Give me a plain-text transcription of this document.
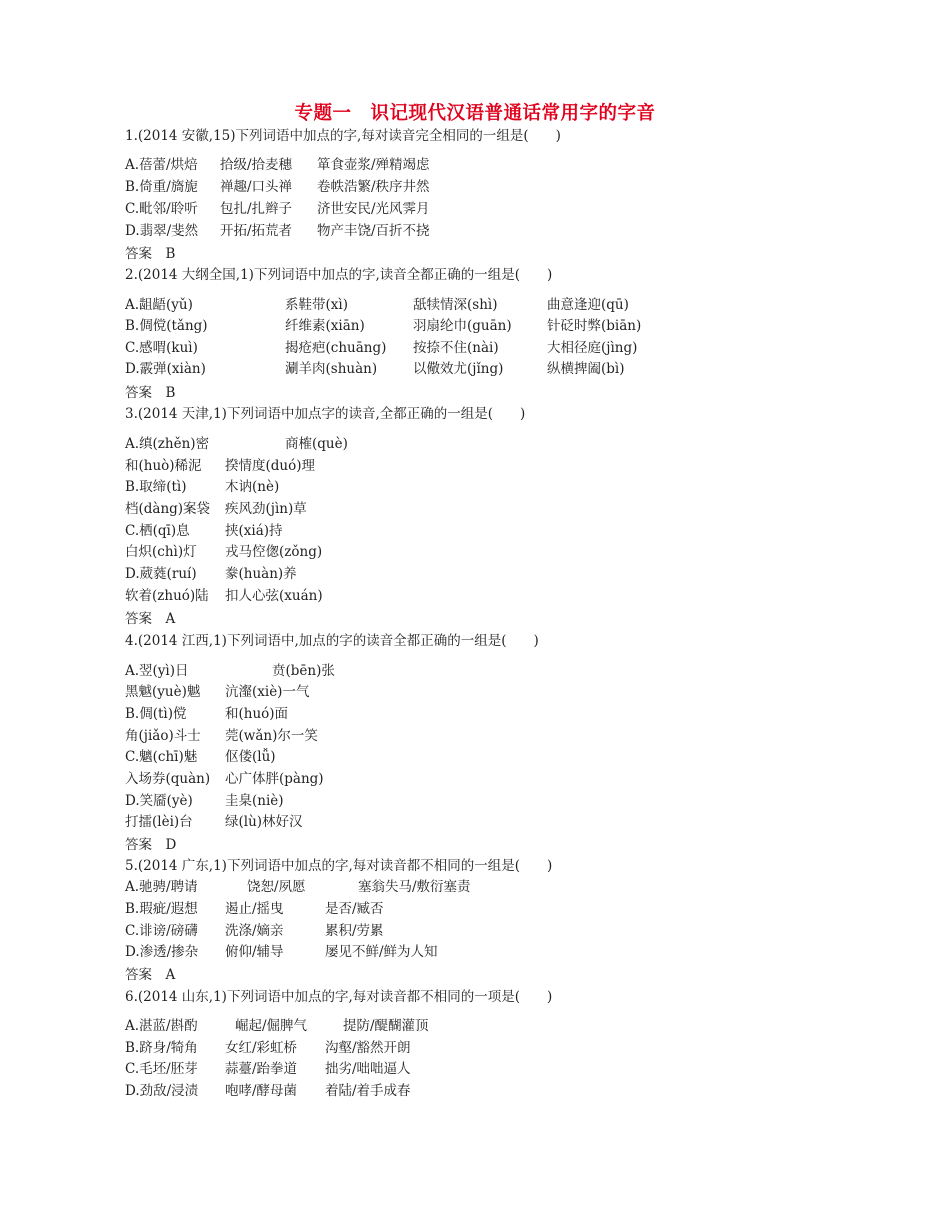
专题一　识记现代汉语普通话常用字的字音
1.(2014 安徽,15)下列词语中加点的字,每对读音完全相同的一组是(　　)
A.蓓蕾/烘焙 拾级/拾麦穗 箪食壶浆/殚精竭虑
B.倚重/旖旎 禅趣/口头禅 卷帙浩繁/秩序井然
C.毗邻/聆听 包扎/扎辫子 济世安民/光风霁月
D.翡翠/斐然 开拓/拓荒者 物产丰饶/百折不挠
答案　B
2.(2014 大纲全国,1)下列词语中加点的字,读音全都正确的一组是(　　)
A.龃龉(yǔ)	系鞋带(xì)	舐犊情深(shì)	曲意逢迎(qū)
B.倜傥(tǎng)	纤维素(xiān)	羽扇纶巾(guān)	针砭时弊(biān)
C.感喟(kuì)	揭疮疤(chuāng) 按捺不住(nài)	大相径庭(jìng)
D.霰弹(xiàn)	涮羊肉(shuàn)	以儆效尤(jǐng)	纵横捭阖(bì)
答案　B
3.(2014 天津,1)下列词语中加点字的读音,全都正确的一组是(　　)
A.缜(zhěn)密	商榷(què)
和(huò)稀泥 揆情度(duó)理
B.取缔(tì)	木讷(nè)
档(dàng)案袋 疾风劲(jìn)草
C.栖(qī)息	挟(xiá)持
白炽(chì)灯 戎马倥偬(zǒng)
D.葳蕤(ruí) 豢(huàn)养
软着(zhuó)陆 扣人心弦(xuán)
答案　A
4.(2014 江西,1)下列词语中,加点的字的读音全都正确的一组是(　　)
A.翌(yì)日	贲(bēn)张
黑魆(yuè)魆 沆瀣(xiè)一气
B.倜(tì)傥	和(huó)面
角(jiǎo)斗士 莞(wǎn)尔一笑
C.魑(chī)魅 伛偻(lǚ)
入场券(quàn) 心广体胖(pàng)
D.笑靥(yè) 圭臬(niè)
打擂(lèi)台 绿(lù)林好汉
答案　D
5.(2014 广东,1)下列词语中加点的字,每对读音都不相同的一组是(　　)
A.驰骋/聘请	饶恕/夙愿	塞翁失马/敷衍塞责
B.瑕疵/遐想 遏止/摇曳	是否/臧否
C.诽谤/磅礴 洗涤/嫡亲	累积/劳累
D.渗透/掺杂 俯仰/辅导	屡见不鲜/鲜为人知
答案　A
6.(2014 山东,1)下列词语中加点的字,每对读音都不相同的一项是(　　)
A.湛蓝/斟酌	崛起/倔脾气	提防/醍醐灌顶
B.跻身/犄角 女红/彩虹桥 沟壑/豁然开朗
C.毛坯/胚芽 蒜薹/跆拳道 拙劣/咄咄逼人
D.劲敌/浸渍 咆哮/酵母菌 着陆/着手成春
